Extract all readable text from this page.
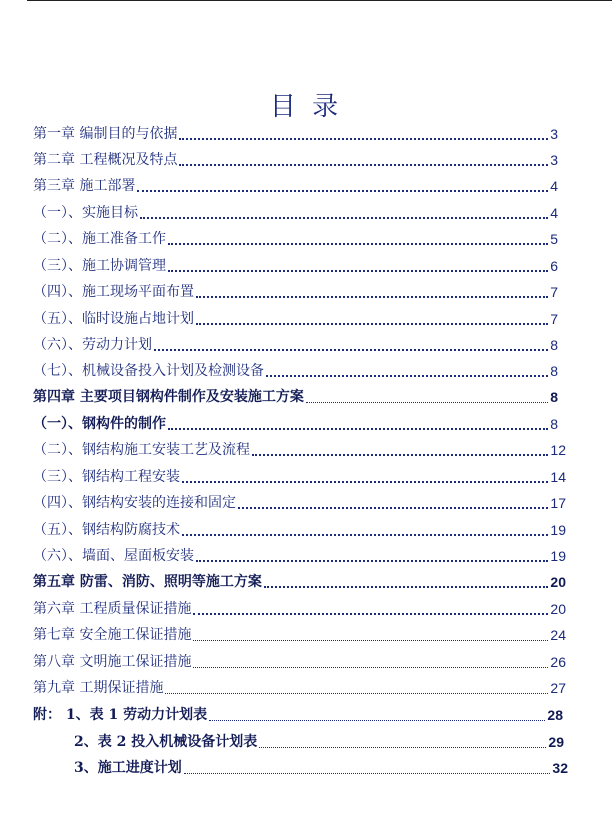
目 录
第一章 编制目的与依据	3
第二章 工程概况及特点	3
第三章 施工部署	4
（一）、实施目标	4
（二）、施工准备工作	5
（三）、施工协调管理	6
（四）、施工现场平面布置	7
（五）、临时设施占地计划	7
（六）、劳动力计划	8
（七）、机械设备投入计划及检测设备	8
第四章 主要项目钢构件制作及安装施工方案	8
（一）、钢构件的制作	8
（二）、钢结构施工安装工艺及流程	12
（三）、钢结构工程安装	14
（四）、钢结构安装的连接和固定	17
（五）、钢结构防腐技术	19
（六）、墙面、屋面板安装	19
第五章 防雷、消防、照明等施工方案	20
第六章 工程质量保证措施	20
第七章 安全施工保证措施	24
第八章 文明施工保证措施	26
第九章 工期保证措施	27
附： 1、表 1 劳动力计划表	28
2、表 2 投入机械设备计划表	29
3、施工进度计划	32
